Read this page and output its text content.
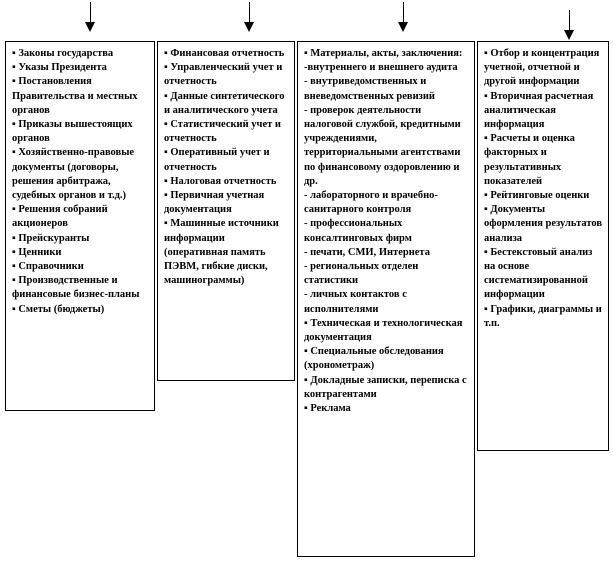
▪ Законы государства
▪ Указы Президента
▪ Постановления Правительства и местных органов
▪ Приказы вышестоящих органов
▪ Хозяйственно-правовые документы (договоры, решения арбитража, судебных органов и т.д.)
▪ Решения собраний акционеров
▪ Прейскуранты
▪ Ценники
▪ Справочники
▪ Производственные и финансовые бизнес-планы
▪ Сметы (бюджеты)
▪ Финансовая отчетность
▪ Управленческий учет и отчетность
▪ Данные синтетического и аналитического учета
▪ Статистический учет и отчетность
▪ Оперативный учет и отчетность
▪ Налоговая отчетность
▪ Первичная учетная документация
▪ Машинные источники информации (оперативная память ПЭВМ, гибкие диски, машинограммы)
▪ Материалы, акты, заключения:
-внутреннего и внешнего аудита
- внутриведомственных и вневедомственных ревизий
- проверок деятельности налоговой службой, кредитными учреждениями, территориальными агентствами по финансовому оздоровлению и др.
- лабораторного и врачебно- санитарного контроля
- профессиональных консалтинговых фирм
- печати, СМИ, Интернета
- региональных отделен статистики
- личных контактов с исполнителями
▪ Техническая и технологическая документация
▪ Специальные обследования (хронометраж)
▪ Докладные записки, переписка с контрагентами
▪ Реклама
▪ Отбор и концентрация учетной, отчетной и другой информации
▪ Вторичная расчетная аналитическая информация
▪ Расчеты и оценка факторных и результативных показателей
▪ Рейтинговые оценки
▪ Документы оформления результатов анализа
▪ Бестекстовый анализ на основе систематизированной информации
▪ Графики, диаграммы и т.п.
